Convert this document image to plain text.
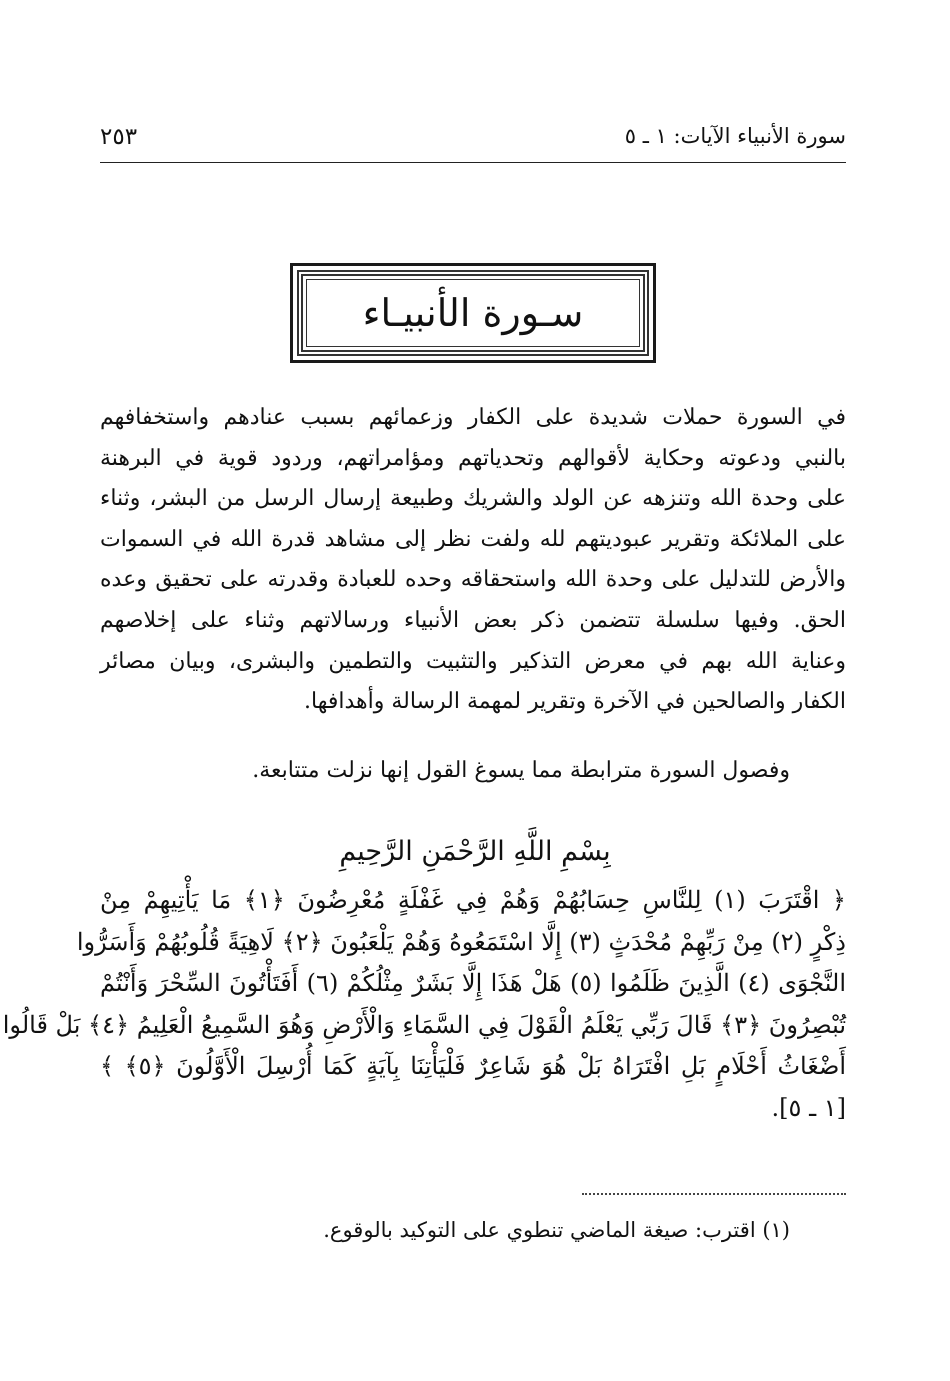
سورة الأنبياء الآيات: ١ ـ ٥
٢٥٣
سـورة الأنبيـاء
في السورة حملات شديدة على الكفار وزعمائهم بسبب عنادهم واستخفافهم
بالنبي ودعوته وحكاية لأقوالهم وتحدياتهم ومؤامراتهم، وردود قوية في البرهنة
على وحدة الله وتنزهه عن الولد والشريك وطبيعة إرسال الرسل من البشر، وثناء
على الملائكة وتقرير عبوديتهم لله ولفت نظر إلى مشاهد قدرة الله في السموات
والأرض للتدليل على وحدة الله واستحقاقه وحده للعبادة وقدرته على تحقيق وعده
الحق. وفيها سلسلة تتضمن ذكر بعض الأنبياء ورسالاتهم وثناء على إخلاصهم
وعناية الله بهم في معرض التذكير والتثبيت والتطمين والبشرى، وبيان مصائر
الكفار والصالحين في الآخرة وتقرير لمهمة الرسالة وأهدافها.

وفصول السورة مترابطة مما يسوغ القول إنها نزلت متتابعة.

بِسْمِ اللَّهِ الرَّحْمَنِ الرَّحِيمِ
﴿ اقْتَرَبَ (١) لِلنَّاسِ حِسَابُهُمْ وَهُمْ فِي غَفْلَةٍ مُعْرِضُونَ ﴿١﴾ مَا يَأْتِيهِمْ مِنْ
ذِكْرٍ (٢) مِنْ رَبِّهِمْ مُحْدَثٍ (٣) إِلَّا اسْتَمَعُوهُ وَهُمْ يَلْعَبُونَ ﴿٢﴾ لَاهِيَةً قُلُوبُهُمْ وَأَسَرُّوا
النَّجْوَى (٤) الَّذِينَ ظَلَمُوا (٥) هَلْ هَذَا إِلَّا بَشَرٌ مِثْلُكُمْ (٦) أَفَتَأْتُونَ السِّحْرَ وَأَنْتُمْ
تُبْصِرُونَ ﴿٣﴾ قَالَ رَبِّي يَعْلَمُ الْقَوْلَ فِي السَّمَاءِ وَالْأَرْضِ وَهُوَ السَّمِيعُ الْعَلِيمُ ﴿٤﴾ بَلْ قَالُوا
أَضْغَاثُ أَحْلَامٍ بَلِ افْتَرَاهُ بَلْ هُوَ شَاعِرٌ فَلْيَأْتِنَا بِآيَةٍ كَمَا أُرْسِلَ الْأَوَّلُونَ ﴿٥﴾ ﴾
[١ ـ ٥].

(١) اقترب: صيغة الماضي تنطوي على التوكيد بالوقوع.
